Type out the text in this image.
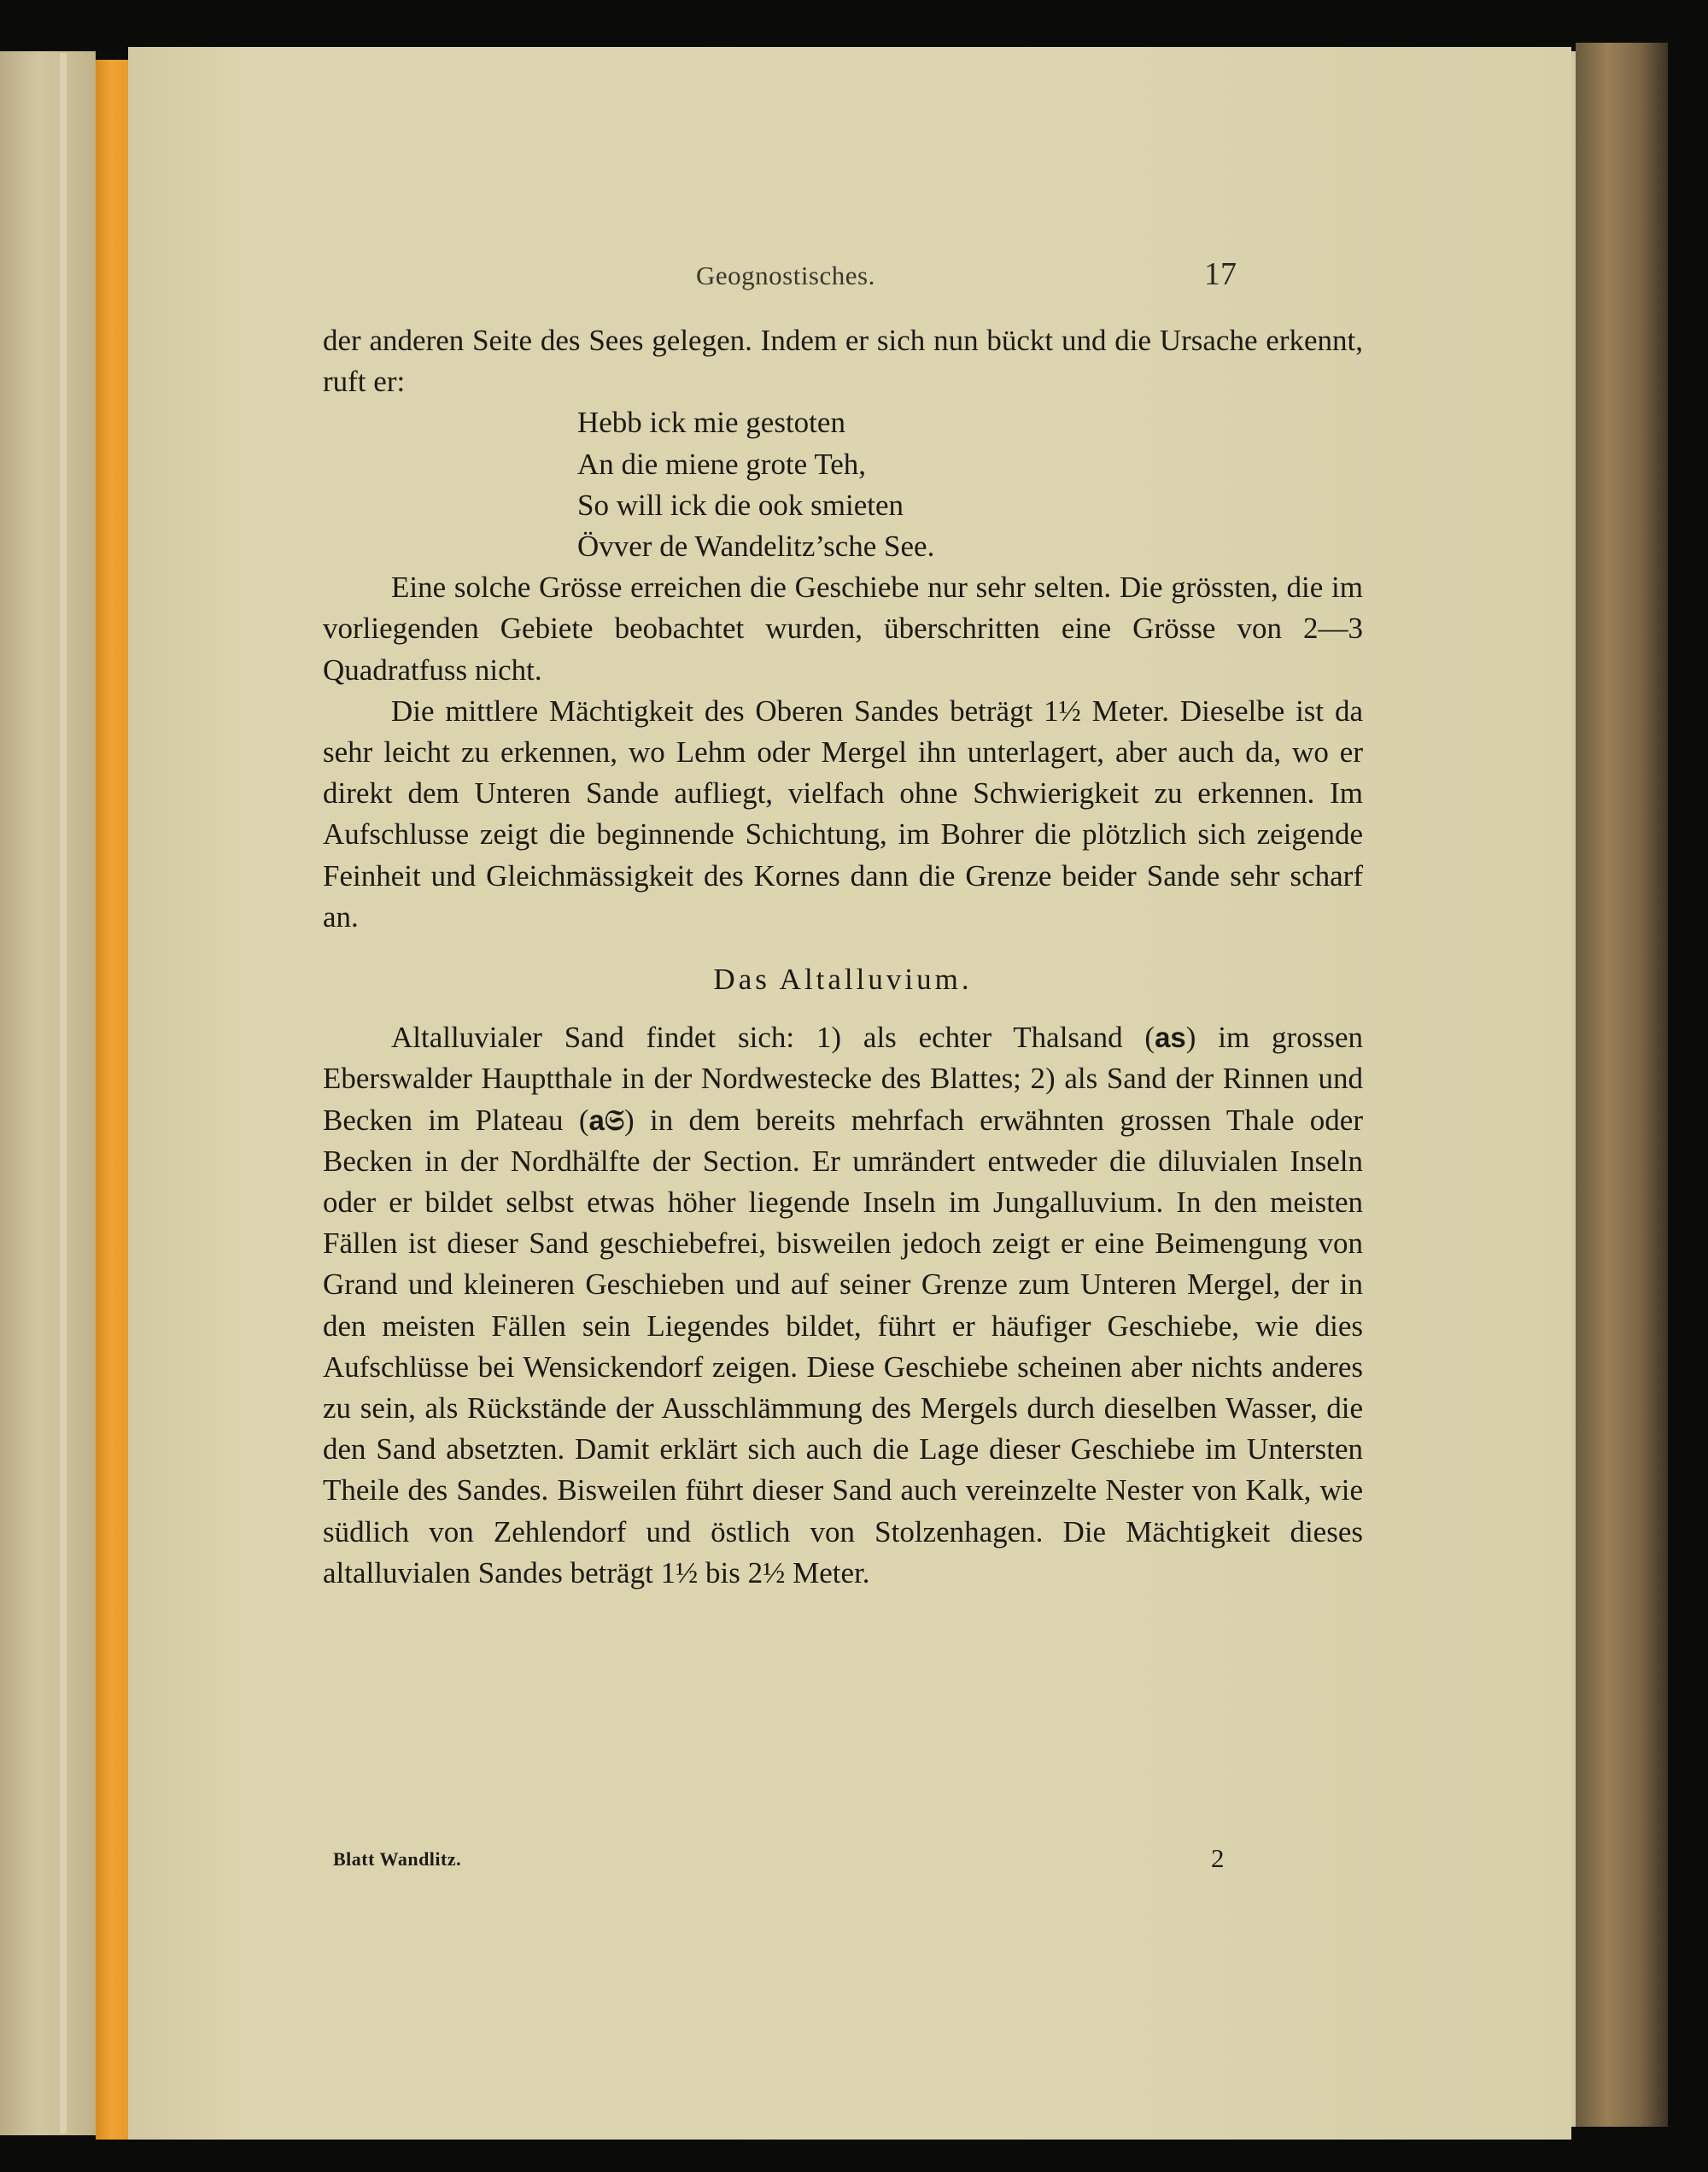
Geognostisches.	17

der anderen Seite des Sees gelegen. Indem er sich nun bückt und die Ursache erkennt, ruft er:

Hebb ick mie gestoten
An die miene grote Teh,
So will ick die ook smieten
Övver de Wandelitz’sche See.

Eine solche Grösse erreichen die Geschiebe nur sehr selten. Die grössten, die im vorliegenden Gebiete beobachtet wurden, überschritten eine Grösse von 2—3 Quadratfuss nicht.

Die mittlere Mächtigkeit des Oberen Sandes beträgt 1½ Meter. Dieselbe ist da sehr leicht zu erkennen, wo Lehm oder Mergel ihn unterlagert, aber auch da, wo er direkt dem Unteren Sande aufliegt, vielfach ohne Schwierigkeit zu erkennen. Im Aufschlusse zeigt die beginnende Schichtung, im Bohrer die plötzlich sich zeigende Feinheit und Gleichmässigkeit des Kornes dann die Grenze beider Sande sehr scharf an.

Das Altalluvium.

Altalluvialer Sand findet sich: 1) als echter Thalsand (as) im grossen Eberswalder Hauptthale in der Nordwestecke des Blattes; 2) als Sand der Rinnen und Becken im Plateau (a𝔖) in dem bereits mehrfach erwähnten grossen Thale oder Becken in der Nordhälfte der Section. Er umrändert entweder die diluvialen Inseln oder er bildet selbst etwas höher liegende Inseln im Jungalluvium. In den meisten Fällen ist dieser Sand geschiebefrei, bisweilen jedoch zeigt er eine Beimengung von Grand und kleineren Geschieben und auf seiner Grenze zum Unteren Mergel, der in den meisten Fällen sein Liegendes bildet, führt er häufiger Geschiebe, wie dies Aufschlüsse bei Wensickendorf zeigen. Diese Geschiebe scheinen aber nichts anderes zu sein, als Rückstände der Ausschlämmung des Mergels durch dieselben Wasser, die den Sand absetzten. Damit erklärt sich auch die Lage dieser Geschiebe im Untersten Theile des Sandes. Bisweilen führt dieser Sand auch vereinzelte Nester von Kalk, wie südlich von Zehlendorf und östlich von Stolzenhagen. Die Mächtigkeit dieses altalluvialen Sandes beträgt 1½ bis 2½ Meter.

Blatt Wandlitz.	2
